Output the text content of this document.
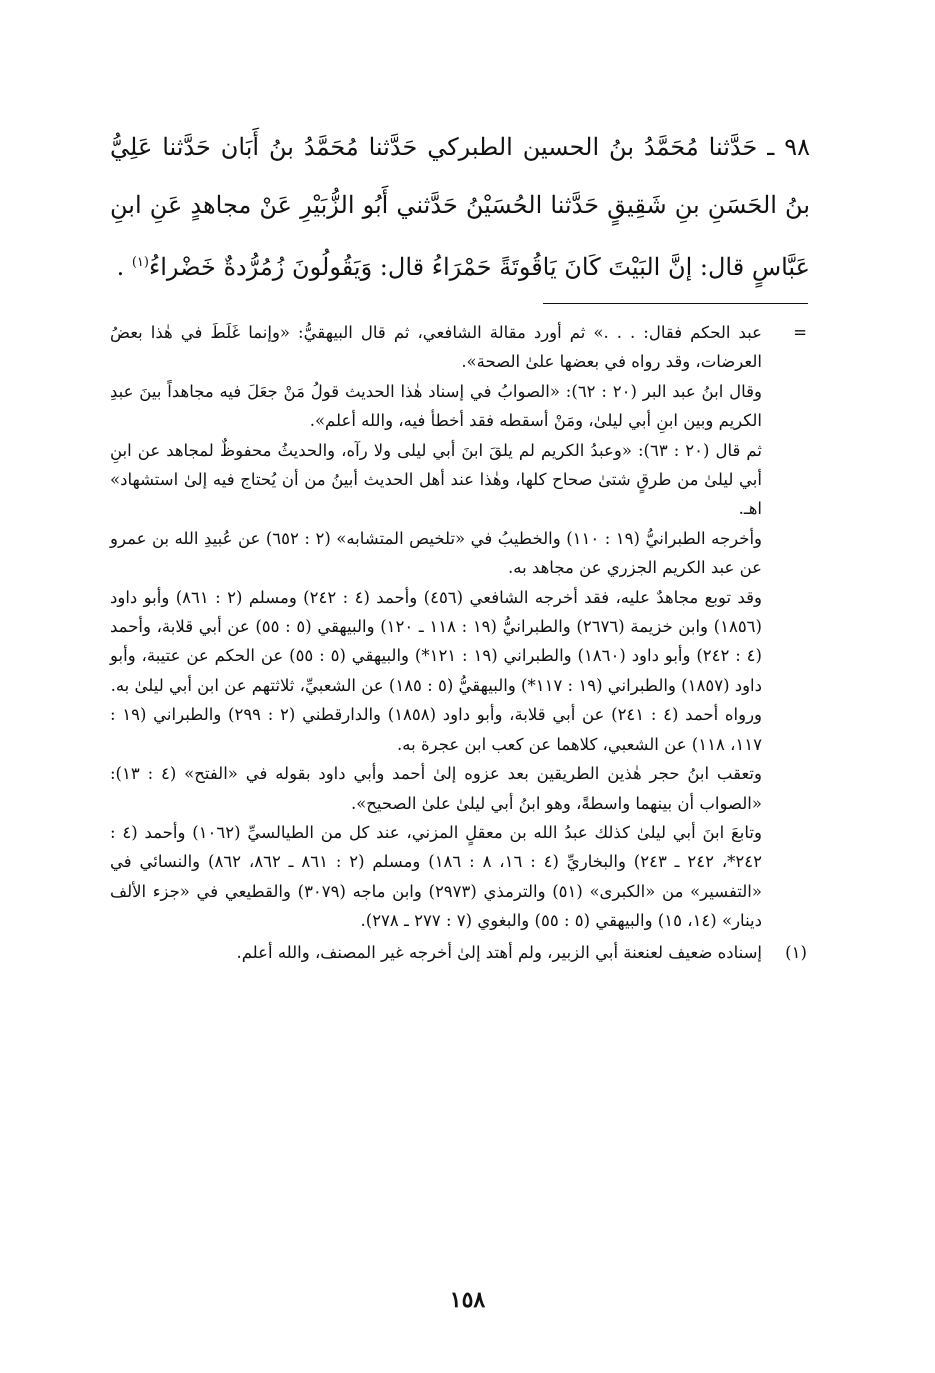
٩٨ ـ حَدَّثنا مُحَمَّدُ بنُ الحسين الطبركي حَدَّثنا مُحَمَّدُ بنُ أَبَان حَدَّثنا عَلِيُّ بنُ الحَسَنِ بنِ شَقِيقٍ حَدَّثنا الحُسَيْنُ حَدَّثني أَبُو الزُّبَيْرِ عَنْ مجاهدٍ عَنِ ابنِ عَبَّاسٍ قال: إنَّ البَيْتَ كَانَ يَاقُوتَةً حَمْرَاءُ قال: وَيَقُولُونَ زُمُرُّدةٌ خَضْراءُ$^{(١)}$ .

=

عبد الحكم فقال: . . .» ثم أورد مقالة الشافعي، ثم قال البيهقيُّ: «وإنما غَلَطَ في هٰذا بعضُ العرضات، وقد رواه في بعضها علىٰ الصحة».

وقال ابنُ عبد البر (٢٠ : ٦٢): «الصوابُ في إسناد هٰذا الحديث قولُ مَنْ جعَلَ فيه مجاهداً بينَ عبدِ الكريم وبين ابنِ أبي ليلىٰ، ومَنْ أسقطه فقد أخطأ فيه، والله أعلم».

ثم قال (٢٠ : ٦٣): «وعبدُ الكريم لم يلقَ ابنَ أبي ليلى ولا رآه، والحديثُ محفوظٌ لمجاهد عن ابنِ أبي ليلىٰ من طرقٍ شتىٰ صحاح كلها، وهٰذا عند أهل الحديث أبينُ من أن يُحتاج فيه إلىٰ استشهاد» اهـ.

وأخرجه الطبرانيُّ (١٩ : ١١٠) والخطيبُ في «تلخيص المتشابه» (٢ : ٦٥٢) عن عُبيدِ الله بن عمرو عن عبد الكريم الجزري عن مجاهد به.

وقد توبع مجاهدٌ عليه، فقد أخرجه الشافعي (٤٥٦) وأحمد (٤ : ٢٤٢) ومسلم (٢ : ٨٦١) وأبو داود (١٨٥٦) وابن خزيمة (٢٦٧٦) والطبرانيُّ (١٩ : ١١٨ ـ ١٢٠) والبيهقي (٥ : ٥٥) عن أبي قلابة، وأحمد (٤ : ٢٤٢) وأبو داود (١٨٦٠) والطبراني (١٩ : ١٢١*) والبيهقي (٥ : ٥٥) عن الحكم عن عتيبة، وأبو داود (١٨٥٧) والطبراني (١٩ : ١١٧*) والبيهقيُّ (٥ : ١٨٥) عن الشعبيِّ، ثلاثتهم عن ابن أبي ليلىٰ به.

ورواه أحمد (٤ : ٢٤١) عن أبي قلابة، وأبو داود (١٨٥٨) والدارقطني (٢ : ٢٩٩) والطبراني (١٩ : ١١٧، ١١٨) عن الشعبي، كلاهما عن كعب ابن عجرة به.

وتعقب ابنُ حجر هٰذين الطريقين بعد عزوه إلىٰ أحمد وأبي داود بقوله في «الفتح» (٤ : ١٣): «الصواب أن بينهما واسطةً، وهو ابنُ أبي ليلىٰ علىٰ الصحيح».

وتابعَ ابنَ أبي ليلىٰ كذلك عبدُ الله بن معقلٍ المزني، عند كل من الطيالسيِّ (١٠٦٢) وأحمد (٤ : ٢٤٢*، ٢٤٢ ـ ٢٤٣) والبخاريِّ (٤ : ١٦، ٨ : ١٨٦) ومسلم (٢ : ٨٦١ ـ ٨٦٢، ٨٦٢) والنسائي في «التفسير» من «الكبرى» (٥١) والترمذي (٢٩٧٣) وابن ماجه (٣٠٧٩) والقطيعي في «جزء الألف دينار» (١٤، ١٥) والبيهقي (٥ : ٥٥) والبغوي (٧ : ٢٧٧ ـ ٢٧٨).

(١)

إسناده ضعيف لعنعنة أبي الزبير، ولم أهتد إلىٰ أخرجه غير المصنف، والله أعلم.

١٥٨
